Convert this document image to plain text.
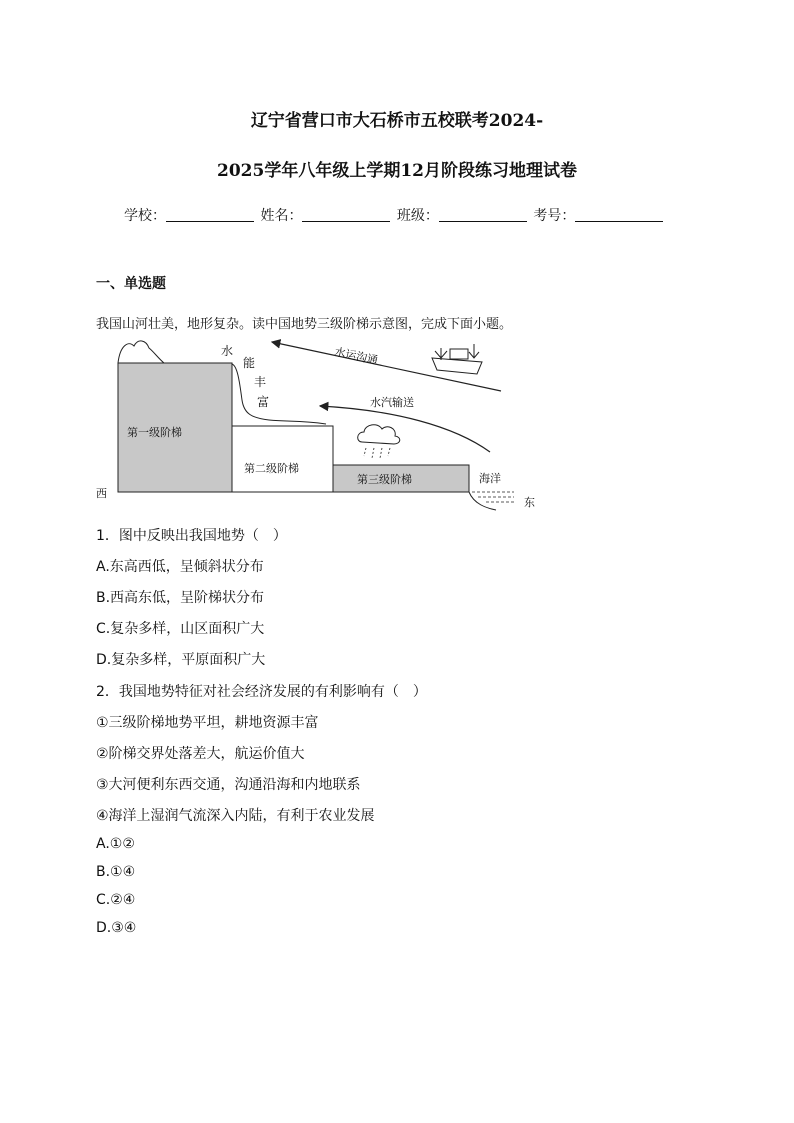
辽宁省营口市大石桥市五校联考2024-
2025学年八年级上学期12月阶段练习地理试卷
学校：	姓名：	班级：	考号：
一、单选题
我国山河壮美，地形复杂。读中国地势三级阶梯示意图，完成下面小题。
第一级阶梯
第二级阶梯
第三级阶梯
水
能
丰
富
水运沟通
水汽输送
海洋
西
东
1．图中反映出我国地势（　）
A.东高西低，呈倾斜状分布
B.西高东低，呈阶梯状分布
C.复杂多样，山区面积广大
D.复杂多样，平原面积广大
2．我国地势特征对社会经济发展的有利影响有（　）
①三级阶梯地势平坦，耕地资源丰富
②阶梯交界处落差大，航运价值大
③大河便利东西交通，沟通沿海和内地联系
④海洋上湿润气流深入内陆，有利于农业发展
A.①②
B.①④
C.②④
D.③④
